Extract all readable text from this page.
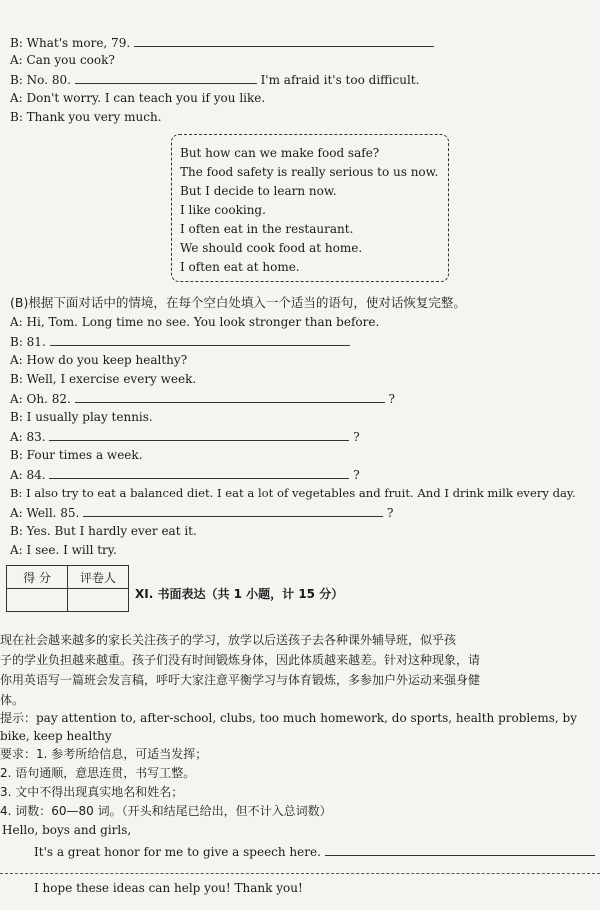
B: What's more, 79.
A: Can you cook?
B: No. 80.	I'm afraid it's too difficult.
A: Don't worry. I can teach you if you like.
B: Thank you very much.
But how can we make food safe?
The food safety is really serious to us now.
But I decide to learn now.
I like cooking.
I often eat in the restaurant.
We should cook food at home.
I often eat at home.
(B)根据下面对话中的情境，在每个空白处填入一个适当的语句，使对话恢复完整。
A: Hi, Tom. Long time no see. You look stronger than before.
B: 81.
A: How do you keep healthy?
B: Well, I exercise every week.
A: Oh. 82.	?
B: I usually play tennis.
A: 83.	?
B: Four times a week.
A: 84.	?
B: I also try to eat a balanced diet. I eat a lot of vegetables and fruit. And I drink milk every day.
A: Well. 85.	?
B: Yes. But I hardly ever eat it.
A: I see. I will try.
得 分	评卷人

XI. 书面表达（共 1 小题，计 15 分）
现在社会越来越多的家长关注孩子的学习，放学以后送孩子去各种课外辅导班，似乎孩
子的学业负担越来越重。孩子们没有时间锻炼身体，因此体质越来越差。针对这种现象，请
你用英语写一篇班会发言稿，呼吁大家注意平衡学习与体育锻炼，多参加户外运动来强身健
体。
提示：pay attention to, after-school, clubs, too much homework, do sports, health problems, by
bike, keep healthy
要求：1. 参考所给信息，可适当发挥；
2. 语句通顺，意思连贯，书写工整。
3. 文中不得出现真实地名和姓名；
4. 词数：60—80 词。（开头和结尾已给出，但不计入总词数）
Hello, boys and girls,
It's a great honor for me to give a speech here.
I hope these ideas can help you! Thank you!
